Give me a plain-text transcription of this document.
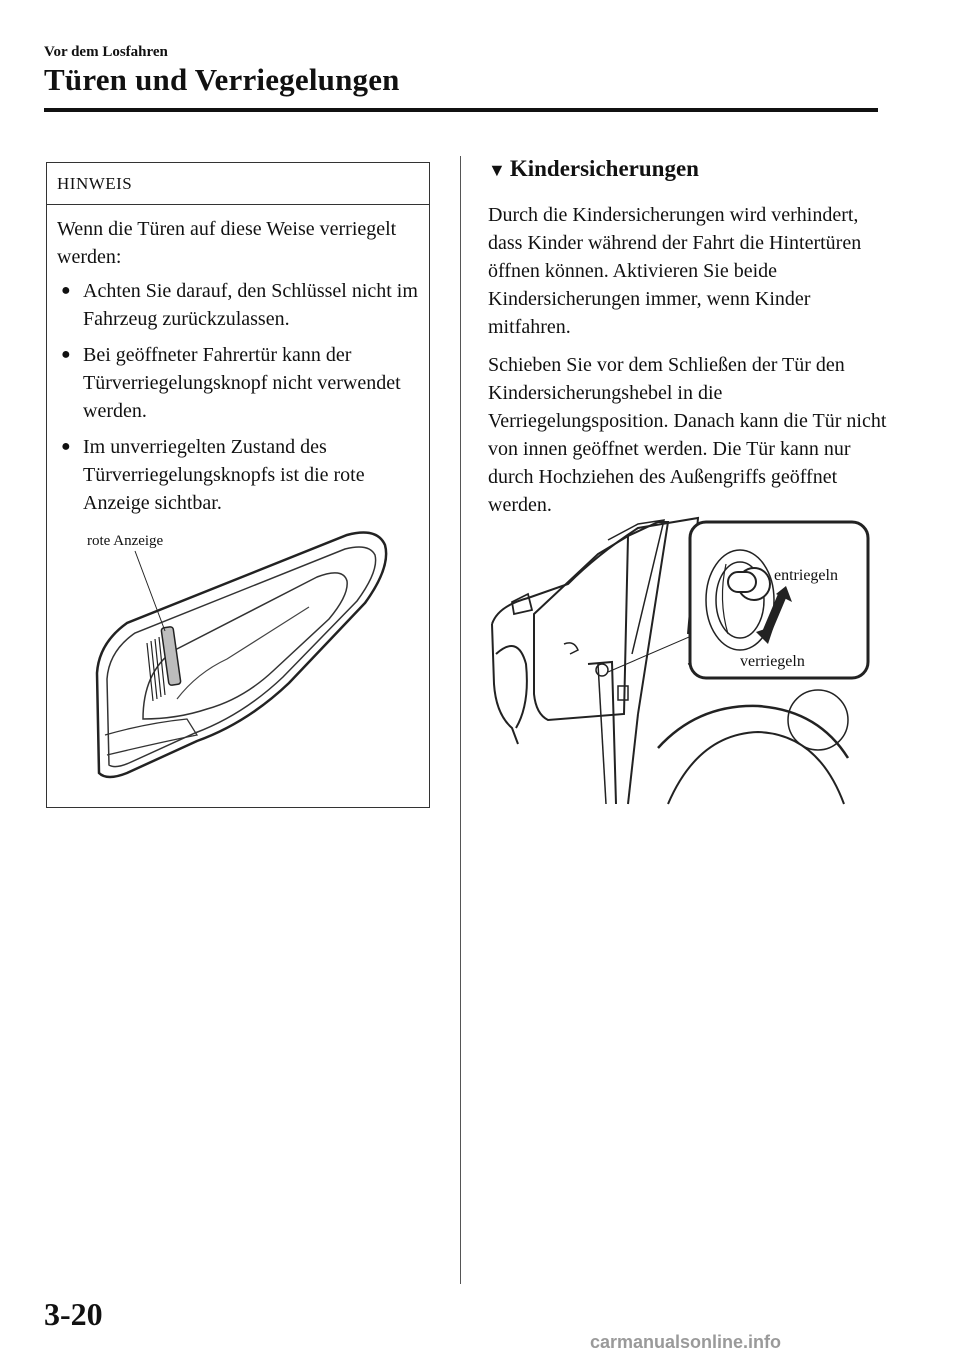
Vor dem Losfahren
Türen und Verriegelungen
HINWEIS

Wenn die Türen auf diese Weise verriegelt werden:

● Achten Sie darauf, den Schlüssel nicht im Fahrzeug zurückzulassen.
● Bei geöffneter Fahrertür kann der Türverriegelungsknopf nicht verwendet werden.
● Im unverriegelten Zustand des Türverriegelungsknopfs ist die rote Anzeige sichtbar.
rote Anzeige
▼ Kindersicherungen

Durch die Kindersicherungen wird verhindert, dass Kinder während der Fahrt die Hintertüren öffnen können. Aktivieren Sie beide Kindersicherungen immer, wenn Kinder mitfahren.

Schieben Sie vor dem Schließen der Tür den Kindersicherungshebel in die Verriegelungsposition. Danach kann die Tür nicht von innen geöffnet werden. Die Tür kann nur durch Hochziehen des Außengriffs geöffnet werden.

entriegeln
verriegeln
3-20
carmanualsonline.info
